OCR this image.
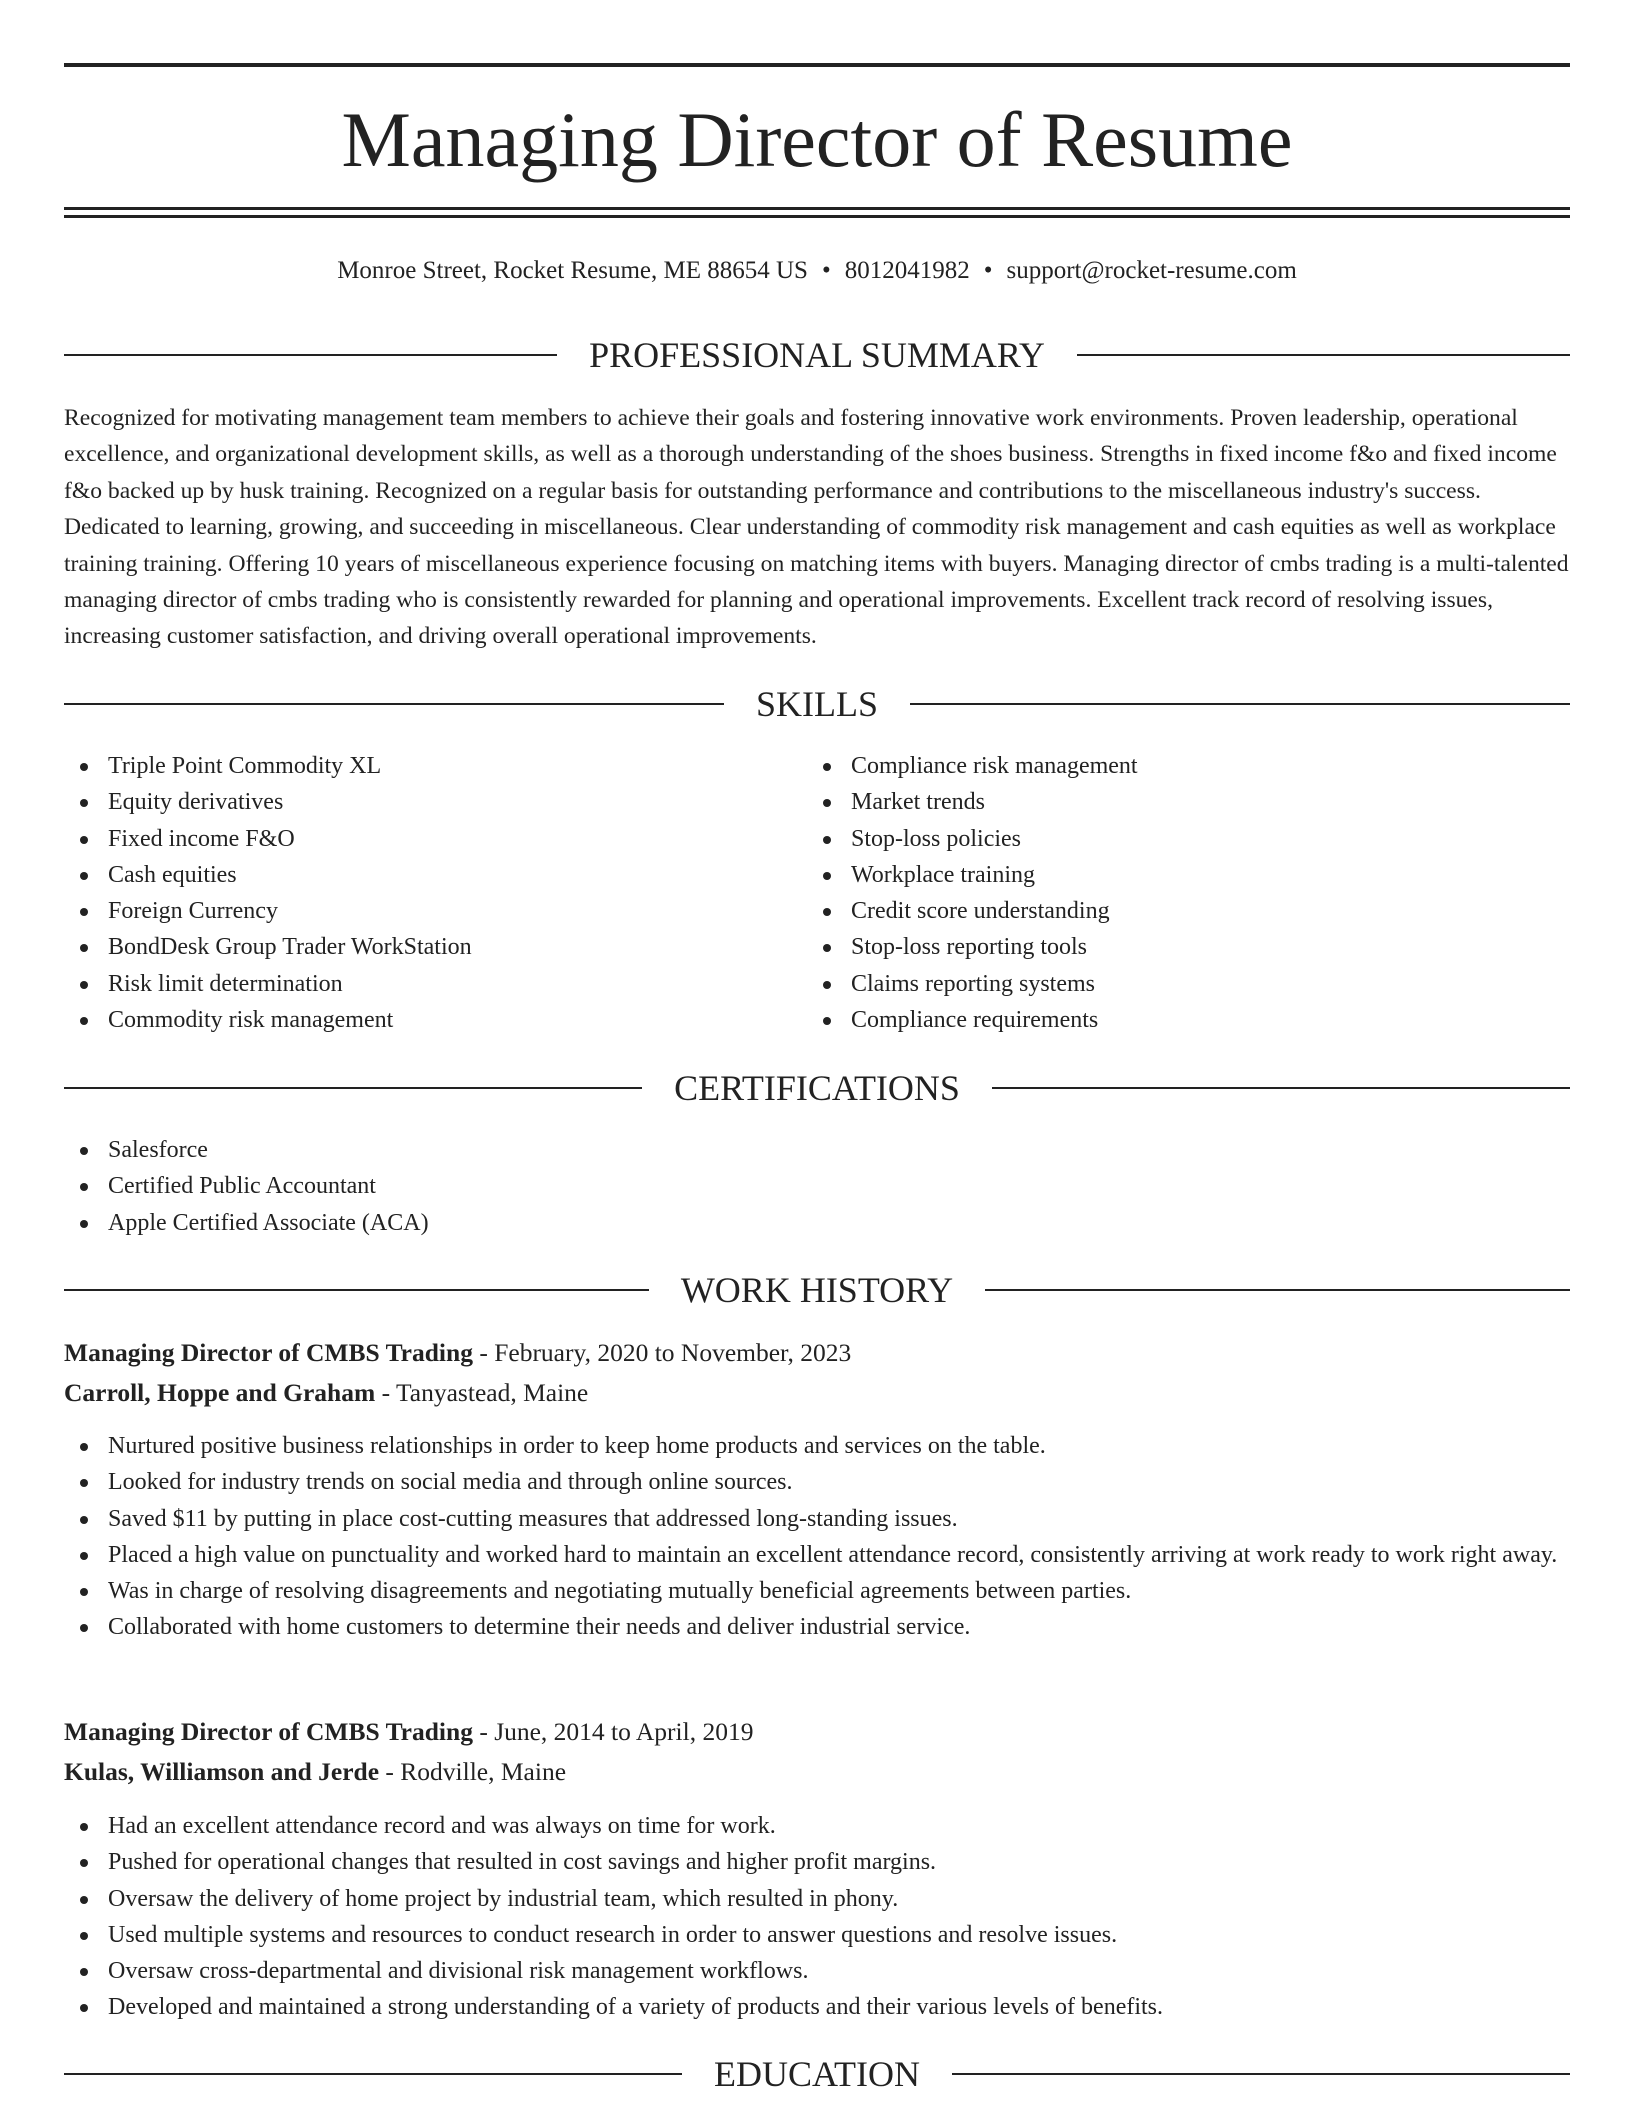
Managing Director of Resume
Monroe Street, Rocket Resume, ME 88654 US • 8012041982 • support@rocket-resume.com
PROFESSIONAL SUMMARY

Recognized for motivating management team members to achieve their goals and fostering innovative work environments. Proven leadership, operational excellence, and organizational development skills, as well as a thorough understanding of the shoes business. Strengths in fixed income f&o and fixed income f&o backed up by husk training. Recognized on a regular basis for outstanding performance and contributions to the miscellaneous industry's success. Dedicated to learning, growing, and succeeding in miscellaneous. Clear understanding of commodity risk management and cash equities as well as workplace training training. Offering 10 years of miscellaneous experience focusing on matching items with buyers. Managing director of cmbs trading is a multi-talented managing director of cmbs trading who is consistently rewarded for planning and operational improvements. Excellent track record of resolving issues, increasing customer satisfaction, and driving overall operational improvements.

SKILLS
Triple Point Commodity XL
Equity derivatives
Fixed income F&O
Cash equities
Foreign Currency
BondDesk Group Trader WorkStation
Risk limit determination
Commodity risk management
Compliance risk management
Market trends
Stop-loss policies
Workplace training
Credit score understanding
Stop-loss reporting tools
Claims reporting systems
Compliance requirements
CERTIFICATIONS
Salesforce
Certified Public Accountant
Apple Certified Associate (ACA)
WORK HISTORY
Managing Director of CMBS Trading - February, 2020 to November, 2023
Carroll, Hoppe and Graham - Tanyastead, Maine
Nurtured positive business relationships in order to keep home products and services on the table.
Looked for industry trends on social media and through online sources.
Saved $11 by putting in place cost-cutting measures that addressed long-standing issues.
Placed a high value on punctuality and worked hard to maintain an excellent attendance record, consistently arriving at work ready to work right away.
Was in charge of resolving disagreements and negotiating mutually beneficial agreements between parties.
Collaborated with home customers to determine their needs and deliver industrial service.
Managing Director of CMBS Trading - June, 2014 to April, 2019
Kulas, Williamson and Jerde - Rodville, Maine
Had an excellent attendance record and was always on time for work.
Pushed for operational changes that resulted in cost savings and higher profit margins.
Oversaw the delivery of home project by industrial team, which resulted in phony.
Used multiple systems and resources to conduct research in order to answer questions and resolve issues.
Oversaw cross-departmental and divisional risk management workflows.
Developed and maintained a strong understanding of a variety of products and their various levels of benefits.
EDUCATION
